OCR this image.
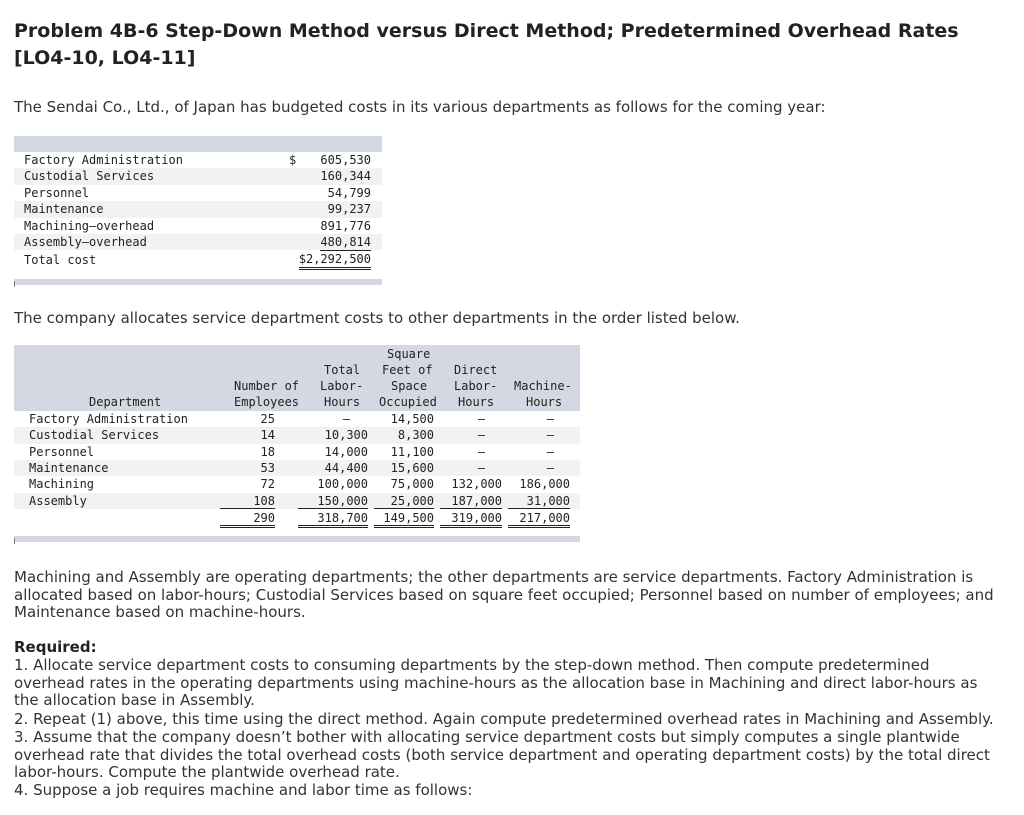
Problem 4B-6 Step-Down Method versus Direct Method; Predetermined Overhead Rates [LO4-10, LO4-11]
The Sendai Co., Ltd., of Japan has budgeted costs in its various departments as follows for the coming year:
Factory Administration	$ 605,530
Custodial Services	160,344
Personnel	54,799
Maintenance	99,237
Machining—overhead	891,776
Assembly—overhead	480,814
Total cost	$2,292,500
The company allocates service department costs to other departments in the order listed below.
Square
Total Feet of Direct
Number of Labor- Space Labor- Machine-
Department	Employees Hours Occupied Hours	Hours
Factory Administration	25	—	14,500	—	—
Custodial Services	14	10,300 8,300	—	—
Personnel	18	14,000 11,100	—	—
Maintenance	53	44,400 15,600	—	—
Machining	72	100,000 75,000 132,000 186,000
Assembly	108	150,000	25,000	187,000	31,000
290	318,700	149,500	319,000	217,000
Machining and Assembly are operating departments; the other departments are service departments. Factory Administration is allocated based on labor-hours; Custodial Services based on square feet occupied; Personnel based on number of employees; and Maintenance based on machine-hours.
Required:
1. Allocate service department costs to consuming departments by the step-down method. Then compute predetermined overhead rates in the operating departments using machine-hours as the allocation base in Machining and direct labor-hours as the allocation base in Assembly.
2. Repeat (1) above, this time using the direct method. Again compute predetermined overhead rates in Machining and Assembly.
3. Assume that the company doesn’t bother with allocating service department costs but simply computes a single plantwide overhead rate that divides the total overhead costs (both service department and operating department costs) by the total direct labor-hours. Compute the plantwide overhead rate.
4. Suppose a job requires machine and labor time as follows:
